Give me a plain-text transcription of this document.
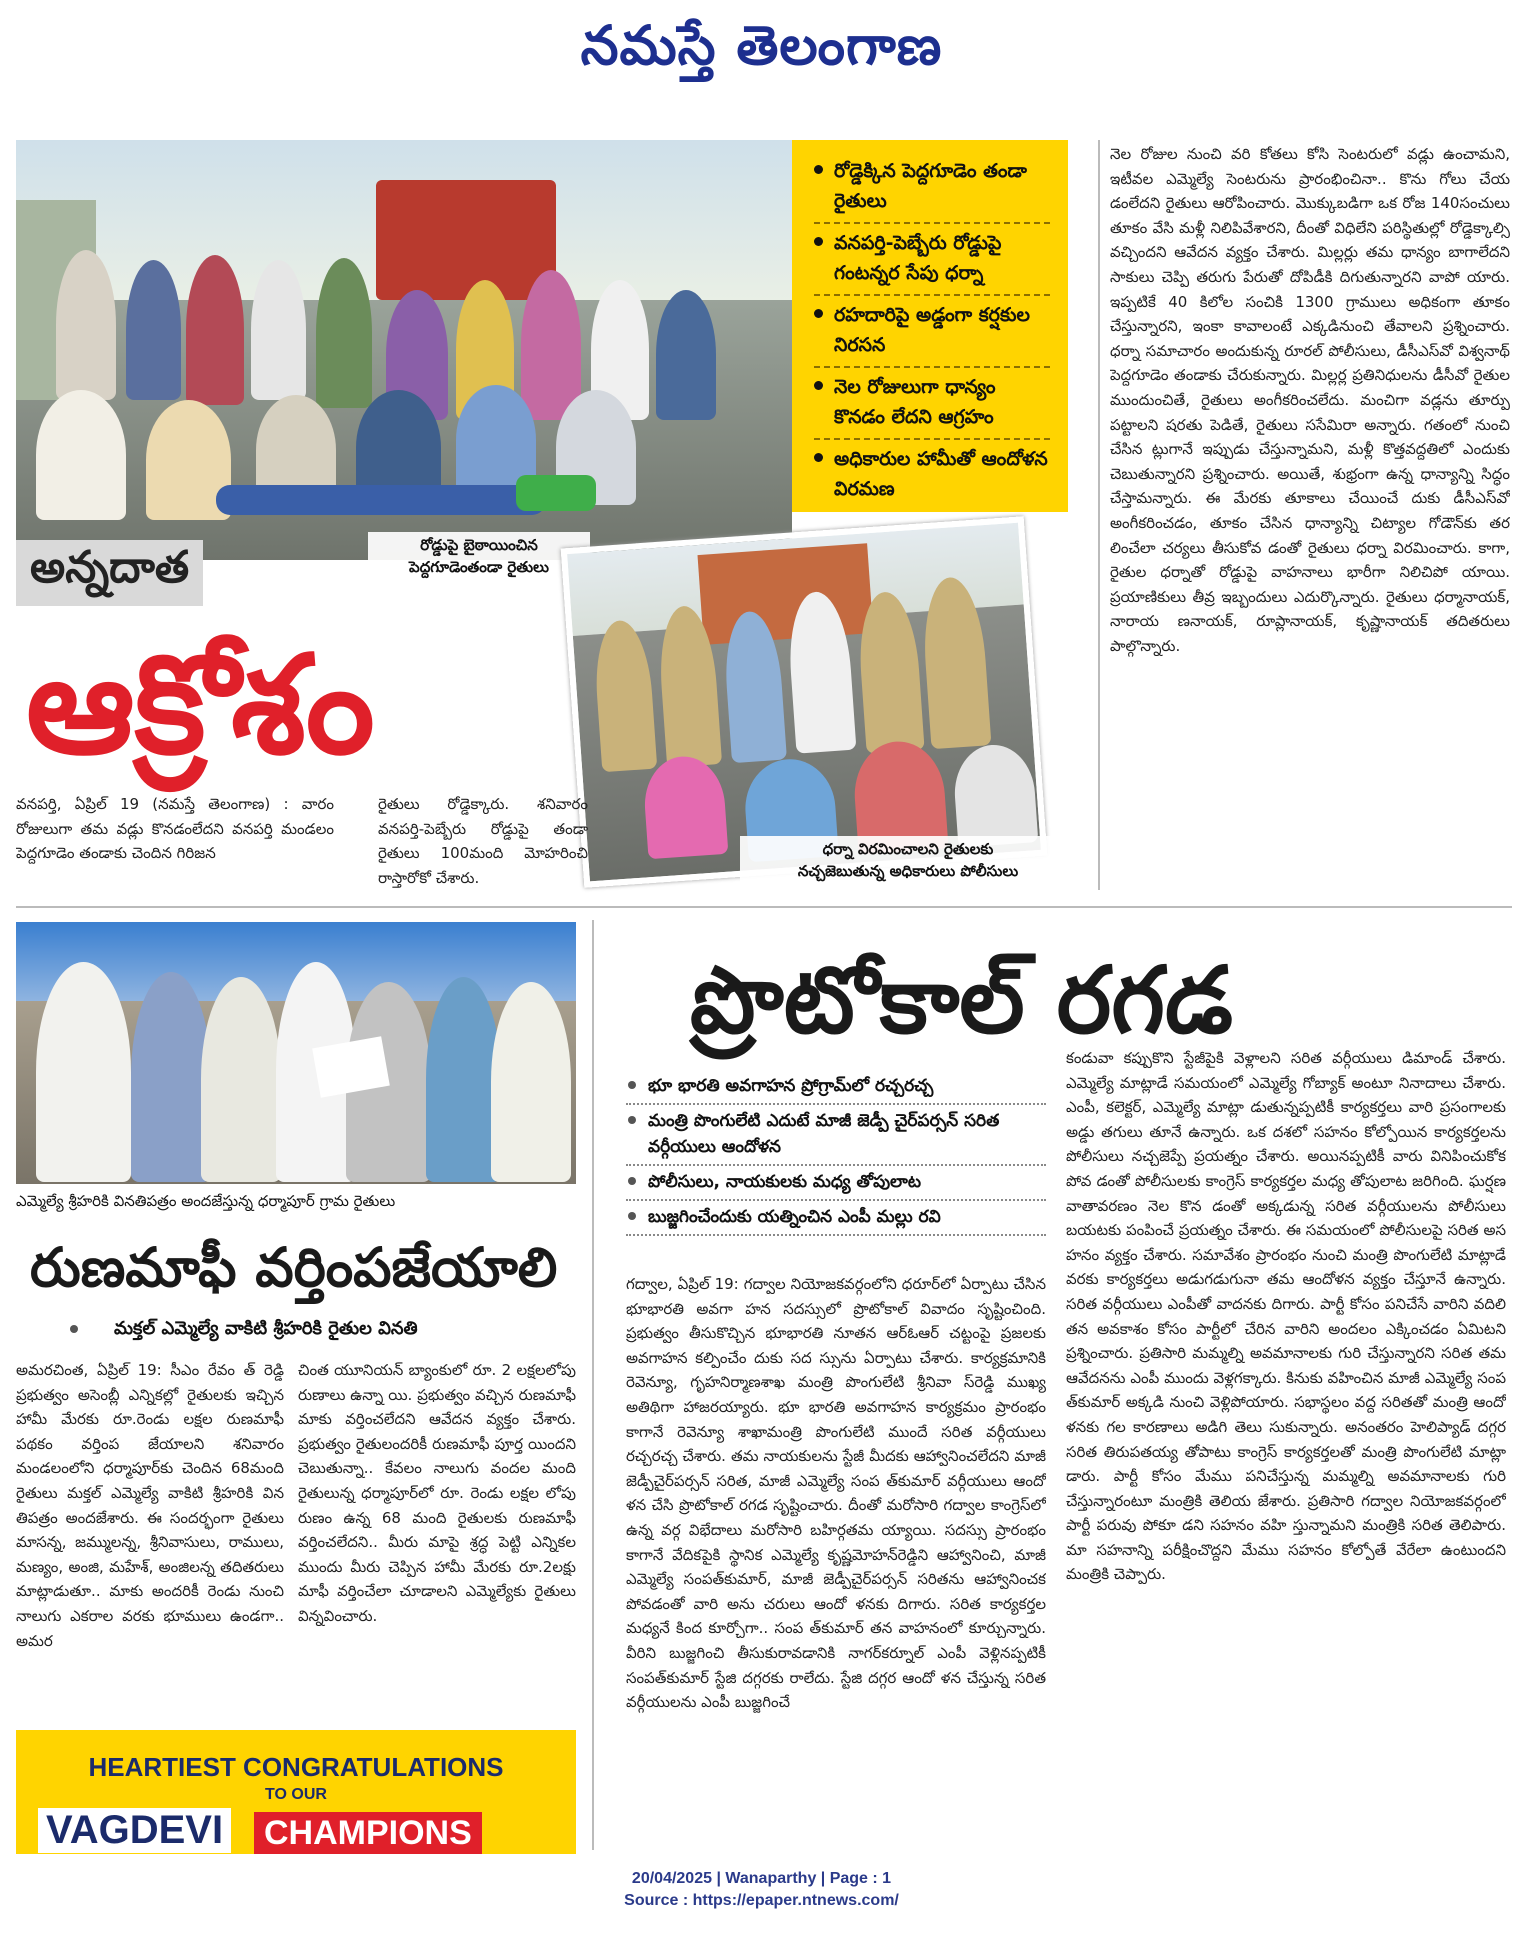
నమస్తే తెలంగాణ
రోడ్డెక్కిన పెద్దగూడెం తండా రైతులు
వనపర్తి-పెబ్బేరు రోడ్డుపై గంటన్నర సేపు ధర్నా
రహదారిపై అడ్డంగా కర్షకుల నిరసన
నెల రోజులుగా ధాన్యం కొనడం లేదని ఆగ్రహం
అధికారుల హామీతో ఆందోళన విరమణ
రోడ్డుపై బైఠాయించిన
పెద్దగూడెంతండా రైతులు
అన్నదాత
ఆక్రోశం
ధర్నా విరమించాలని రైతులకు
నచ్చజెబుతున్న అధికారులు పోలీసులు
వనపర్తి, ఏప్రిల్ 19 (నమస్తే తెలంగాణ) : వారం రోజులుగా తమ వడ్లు కొనడంలేదని వనపర్తి మండలం పెద్దగూడెం తండాకు చెందిన గిరిజన
రైతులు రోడ్డెక్కారు. శనివారం వనపర్తి-పెబ్బేరు రోడ్డుపై తండా రైతులు 100మంది మోహరించి రాస్తారోకో చేశారు.
నెల రోజుల నుంచి వరి కోతలు కోసి సెంటరులో వడ్లు ఉంచామని, ఇటీవల ఎమ్మెల్యే సెంటరును ప్రారంభించినా.. కొను గోలు చేయ డంలేదని రైతులు ఆరోపించారు. మొక్కుబడిగా ఒక రోజ 140సంచులు తూకం వేసి మళ్లీ నిలిపివేశారని, దీంతో విధిలేని పరిస్థితుల్లో రోడ్డెక్కాల్సి వచ్చిందని ఆవేదన వ్యక్తం చేశారు. మిల్లర్లు తమ ధాన్యం బాగాలేదని సాకులు చెప్పి తరుగు పేరుతో దోపిడీకి దిగుతున్నారని వాపో యారు. ఇప్పటికే 40 కిలోల సంచికి 1300 గ్రాములు అధికంగా తూకం చేస్తున్నారని, ఇంకా కావాలంటే ఎక్కడినుంచి తేవాలని ప్రశ్నించారు. ధర్నా సమాచారం అందుకున్న రూరల్ పోలీసులు, డీసీఎస్‌వో విశ్వనాథ్ పెద్దగూడెం తండాకు చేరుకున్నారు. మిల్లర్ల ప్రతినిధులను డీసీవో రైతుల ముందుంచితే, రైతులు అంగీకరించలేదు. మంచిగా వడ్లను తూర్పు పట్టాలని షరతు పెడితే, రైతులు ససేమిరా అన్నారు. గతంలో నుంచి చేసిన ట్లుగానే ఇప్పుడు చేస్తున్నామని, మళ్లీ కొత్తవద్దతిలో ఎందుకు చెబుతున్నారని ప్రశ్నించారు. అయితే, శుభ్రంగా ఉన్న ధాన్యాన్ని సిద్ధం చేస్తామన్నారు. ఈ మేరకు తూకాలు చేయించే దుకు డీసీఎస్‌వో అంగీకరించడం, తూకం చేసిన ధాన్యాన్ని చిట్యాల గోడౌన్‌కు తర లించేలా చర్యలు తీసుకోవ డంతో రైతులు ధర్నా విరమించారు. కాగా, రైతుల ధర్నాతో రోడ్డుపై వాహనాలు భారీగా నిలిచిపో యాయి. ప్రయాణికులు తీవ్ర ఇబ్బందులు ఎదుర్కొన్నారు. రైతులు ధర్మానాయక్, నారాయ ణనాయక్, రూప్లానాయక్, కృష్ణానాయక్ తదితరులు పాల్గొన్నారు.
ఎమ్మెల్యే శ్రీహరికి వినతిపత్రం అందజేస్తున్న ధర్మాపూర్ గ్రామ రైతులు
రుణమాఫీ వర్తింపజేయాలి
మక్తల్ ఎమ్మెల్యే వాకిటి శ్రీహరికి రైతుల వినతి
అమరచింత, ఏప్రిల్ 19: సీఎం రేవం త్ రెడ్డి ప్రభుత్వం అసెంబ్లీ ఎన్నికల్లో రైతులకు ఇచ్చిన హామీ మేరకు రూ.రెండు లక్షల రుణమాఫీ పథకం వర్తింప జేయాలని శనివారం మండలంలోని ధర్మాపూర్‌కు చెందిన 68మంది రైతులు మక్తల్ ఎమ్మెల్యే వాకిటి శ్రీహరికి విన తిపత్రం అందజేశారు. ఈ సందర్భంగా రైతులు మాసన్న, జమ్ములన్న, శ్రీనివాసులు, రాములు, మణ్యం, అంజి, మహేశ్, అంజిలన్న తదితరులు మాట్లాడుతూ.. మాకు అందరికీ రెండు నుంచి నాలుగు ఎకరాల వరకు భూములు ఉండగా.. అమర
చింత యూనియన్ బ్యాంకులో రూ. 2 లక్షలలోపు రుణాలు ఉన్నా యి. ప్రభుత్వం వచ్చిన రుణమాఫీ మాకు వర్తించలేదని ఆవేదన వ్యక్తం చేశారు. ప్రభుత్వం రైతులందరికీ రుణమాఫీ పూర్త యిందని చెబుతున్నా.. కేవలం నాలుగు వందల మంది రైతులున్న ధర్మాపూర్‌లో రూ. రెండు లక్షల లోపు రుణం ఉన్న 68 మంది రైతులకు రుణమాఫీ వర్తించలేదని.. మీరు మాపై శ్రద్ధ పెట్టి ఎన్నికల ముందు మీరు చెప్పిన హామీ మేరకు రూ.2లక్షు మాఫీ వర్తించేలా చూడాలని ఎమ్మెల్యేకు రైతులు విన్నవించారు.
HEARTIEST CONGRATULATIONS
TO OUR
VAGDEVI CHAMPIONS
ప్రొటోకాల్ రగడ
భూ భారతి అవగాహన ప్రోగ్రామ్‌లో రచ్చరచ్చ
మంత్రి పొంగులేటి ఎదుటే మాజీ జెడ్పీ చైర్‌పర్సన్ సరిత వర్గీయులు ఆందోళన
పోలీసులు, నాయకులకు మధ్య తోపులాట
బుజ్జగించేందుకు యత్నించిన ఎంపీ మల్లు రవి
గద్వాల, ఏప్రిల్ 19: గద్వాల నియోజకవర్గంలోని ధరూర్‌లో ఏర్పాటు చేసిన భూభారతి అవగా హన సదస్సులో ప్రొటోకాల్ వివాదం సృష్టించింది. ప్రభుత్వం తీసుకొచ్చిన భూభారతి నూతన ఆర్‌ఓఆర్ చట్టంపై ప్రజలకు అవగాహన కల్పించేం దుకు సద స్సును ఏర్పాటు చేశారు. కార్యక్రమానికి రెవెన్యూ, గృహనిర్మాణశాఖ మంత్రి పొంగులేటి శ్రీనివా స్‌రెడ్డి ముఖ్య అతిథిగా హాజరయ్యారు. భూ భారతి అవగాహన కార్యక్రమం ప్రారంభం కాగానే రెవెన్యూ శాఖామంత్రి పొంగులేటి ముందే సరిత వర్గీయులు రచ్చరచ్చ చేశారు. తమ నాయకులను స్టేజీ మీదకు ఆహ్వానించలేదని మాజీ జెడ్పీచైర్‌పర్సన్ సరిత, మాజీ ఎమ్మెల్యే సంప త్‌కుమార్ వర్గీయులు ఆందో ళన చేసి ప్రొటోకాల్ రగడ సృష్టించారు. దీంతో మరోసారి గద్వాల కాంగ్రెస్‌లో ఉన్న వర్గ విభేదాలు మరోసారి బహిర్గతమ య్యాయి. సదస్సు ప్రారంభం కాగానే వేదికపైకి స్థానిక ఎమ్మెల్యే కృష్ణమోహన్‌రెడ్డిని ఆహ్వానించి, మాజీ ఎమ్మెల్యే సంపత్‌కుమార్, మాజీ జెడ్పీచైర్‌పర్సన్ సరితను ఆహ్వానించక పోవడంతో వారి అను చరులు ఆందో ళనకు దిగారు. సరిత కార్యకర్తల మధ్యనే కింద కూర్చోగా.. సంప త్‌కుమార్ తన వాహనంలో కూర్చున్నారు. వీరిని బుజ్జగించి తీసుకురావడానికి నాగర్‌కర్నూల్ ఎంపీ వెళ్లినప్పటికీ సంపత్‌కుమార్ స్టేజి దగ్గరకు రాలేదు. స్టేజి దగ్గర ఆందో ళన చేస్తున్న సరిత వర్గీయులను ఎంపీ బుజ్జగించే
కండువా కప్పుకొని స్టేజీపైకి వెళ్లాలని సరిత వర్గీయులు డిమాండ్ చేశారు. ఎమ్మెల్యే మాట్లాడే సమయంలో ఎమ్మెల్యే గోబ్యాక్ అంటూ నినాదాలు చేశారు. ఎంపీ, కలెక్టర్, ఎమ్మెల్యే మాట్లా డుతున్నప్పటికీ కార్యకర్తలు వారి ప్రసంగాలకు అడ్డు తగులు తూనే ఉన్నారు. ఒక దశలో సహనం కోల్పోయిన కార్యకర్తలను పోలీసులు నచ్చజెప్పే ప్రయత్నం చేశారు. అయినప్పటికీ వారు వినిపించుకోక పోవ డంతో పోలీసులకు కాంగ్రెస్ కార్యకర్తల మధ్య తోపులాట జరిగింది. ఘర్షణ వాతావరణం నెల కొన డంతో అక్కడున్న సరిత వర్గీయులను పోలీసులు బయటకు పంపించే ప్రయత్నం చేశారు. ఈ సమయంలో పోలీసులపై సరిత అస హనం వ్యక్తం చేశారు. సమావేశం ప్రారంభం నుంచి మంత్రి పొంగులేటి మాట్లాడే వరకు కార్యకర్తలు అడుగడుగునా తమ ఆందోళన వ్యక్తం చేస్తూనే ఉన్నారు. సరిత వర్గీయులు ఎంపీతో వాదనకు దిగారు. పార్టీ కోసం పనిచేసే వారిని వదిలి తన అవకాశం కోసం పార్టీలో చేరిన వారిని అందలం ఎక్కించడం ఏమిటని ప్రశ్నించారు. ప్రతిసారి మమ్మల్ని అవమానాలకు గురి చేస్తున్నారని సరిత తమ ఆవేదనను ఎంపీ ముందు వెళ్లగక్కారు. కినుకు వహించిన మాజీ ఎమ్మెల్యే సంప త్‌కుమార్ అక్కడి నుంచి వెళ్లిపోయారు. సభాస్థలం వద్ద సరితతో మంత్రి ఆందో ళనకు గల కారణాలు అడిగి తెలు సుకున్నారు. అనంతరం హెలిప్యాడ్ దగ్గర సరిత తిరుపతయ్య తోపాటు కాంగ్రెస్ కార్యకర్తలతో మంత్రి పొంగులేటి మాట్లా డారు. పార్టీ కోసం మేము పనిచేస్తున్న మమ్మల్ని అవమానాలకు గురి చేస్తున్నారంటూ మంత్రికి తెలియ జేశారు. ప్రతిసారి గద్వాల నియోజకవర్గంలో పార్టీ పరువు పోకూ డని సహనం వహి స్తున్నామని మంత్రికి సరిత తెలిపారు. మా సహనాన్ని పరీక్షించొద్దని మేము సహనం కోల్పోతే వేరేలా ఉంటుందని మంత్రికి చెప్పారు.
20/04/2025 | Wanaparthy | Page : 1
Source : https://epaper.ntnews.com/
